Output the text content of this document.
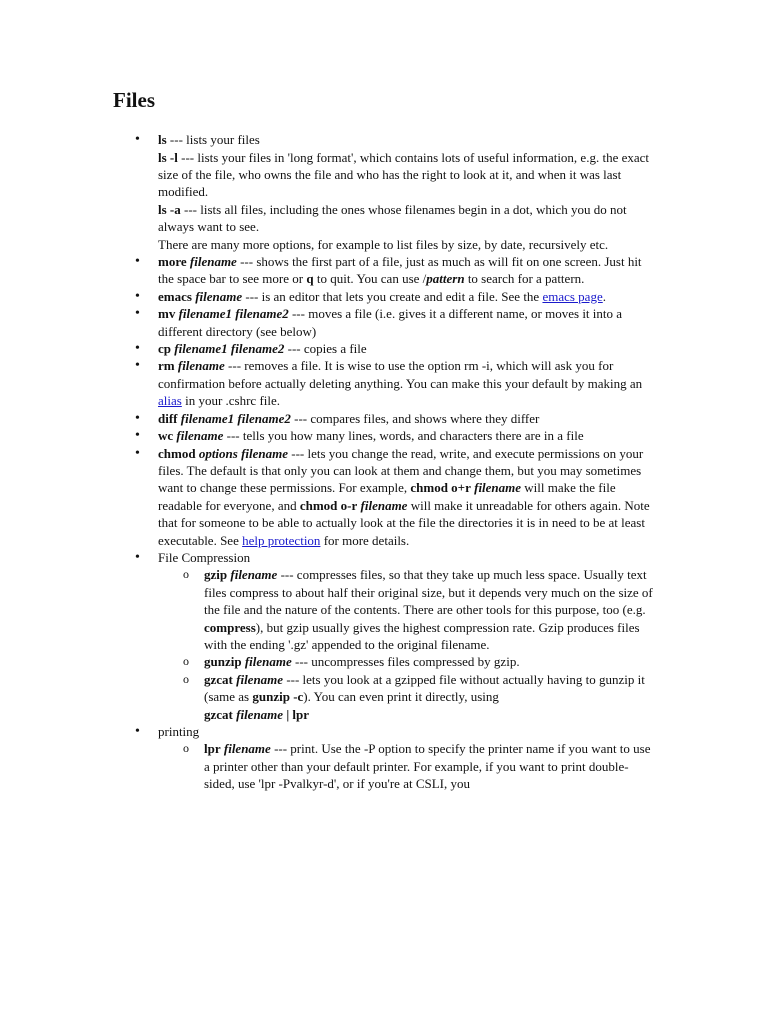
Files
• ls --- lists your files
ls -l --- lists your files in 'long format', which contains lots of useful information, e.g. the exact size of the file, who owns the file and who has the right to look at it, and when it was last modified.
ls -a --- lists all files, including the ones whose filenames begin in a dot, which you do not always want to see.
There are many more options, for example to list files by size, by date, recursively etc.
• more filename --- shows the first part of a file, just as much as will fit on one screen. Just hit the space bar to see more or q to quit. You can use /pattern to search for a pattern.
• emacs filename --- is an editor that lets you create and edit a file. See the emacs page.
• mv filename1 filename2 --- moves a file (i.e. gives it a different name, or moves it into a different directory (see below)
• cp filename1 filename2 --- copies a file
• rm filename --- removes a file. It is wise to use the option rm -i, which will ask you for confirmation before actually deleting anything. You can make this your default by making an alias in your .cshrc file.
• diff filename1 filename2 --- compares files, and shows where they differ
• wc filename --- tells you how many lines, words, and characters there are in a file
• chmod options filename --- lets you change the read, write, and execute permissions on your files. The default is that only you can look at them and change them, but you may sometimes want to change these permissions. For example, chmod o+r filename will make the file readable for everyone, and chmod o-r filename will make it unreadable for others again. Note that for someone to be able to actually look at the file the directories it is in need to be at least executable. See help protection for more details.
• File Compression
o gzip filename --- compresses files, so that they take up much less space. Usually text files compress to about half their original size, but it depends very much on the size of the file and the nature of the contents. There are other tools for this purpose, too (e.g. compress), but gzip usually gives the highest compression rate. Gzip produces files with the ending '.gz' appended to the original filename.
o gunzip filename --- uncompresses files compressed by gzip.
o gzcat filename --- lets you look at a gzipped file without actually having to gunzip it (same as gunzip -c). You can even print it directly, using
gzcat filename | lpr
• printing
o lpr filename --- print. Use the -P option to specify the printer name if you want to use a printer other than your default printer. For example, if you want to print double-sided, use 'lpr -Pvalkyr-d', or if you're at CSLI, you
